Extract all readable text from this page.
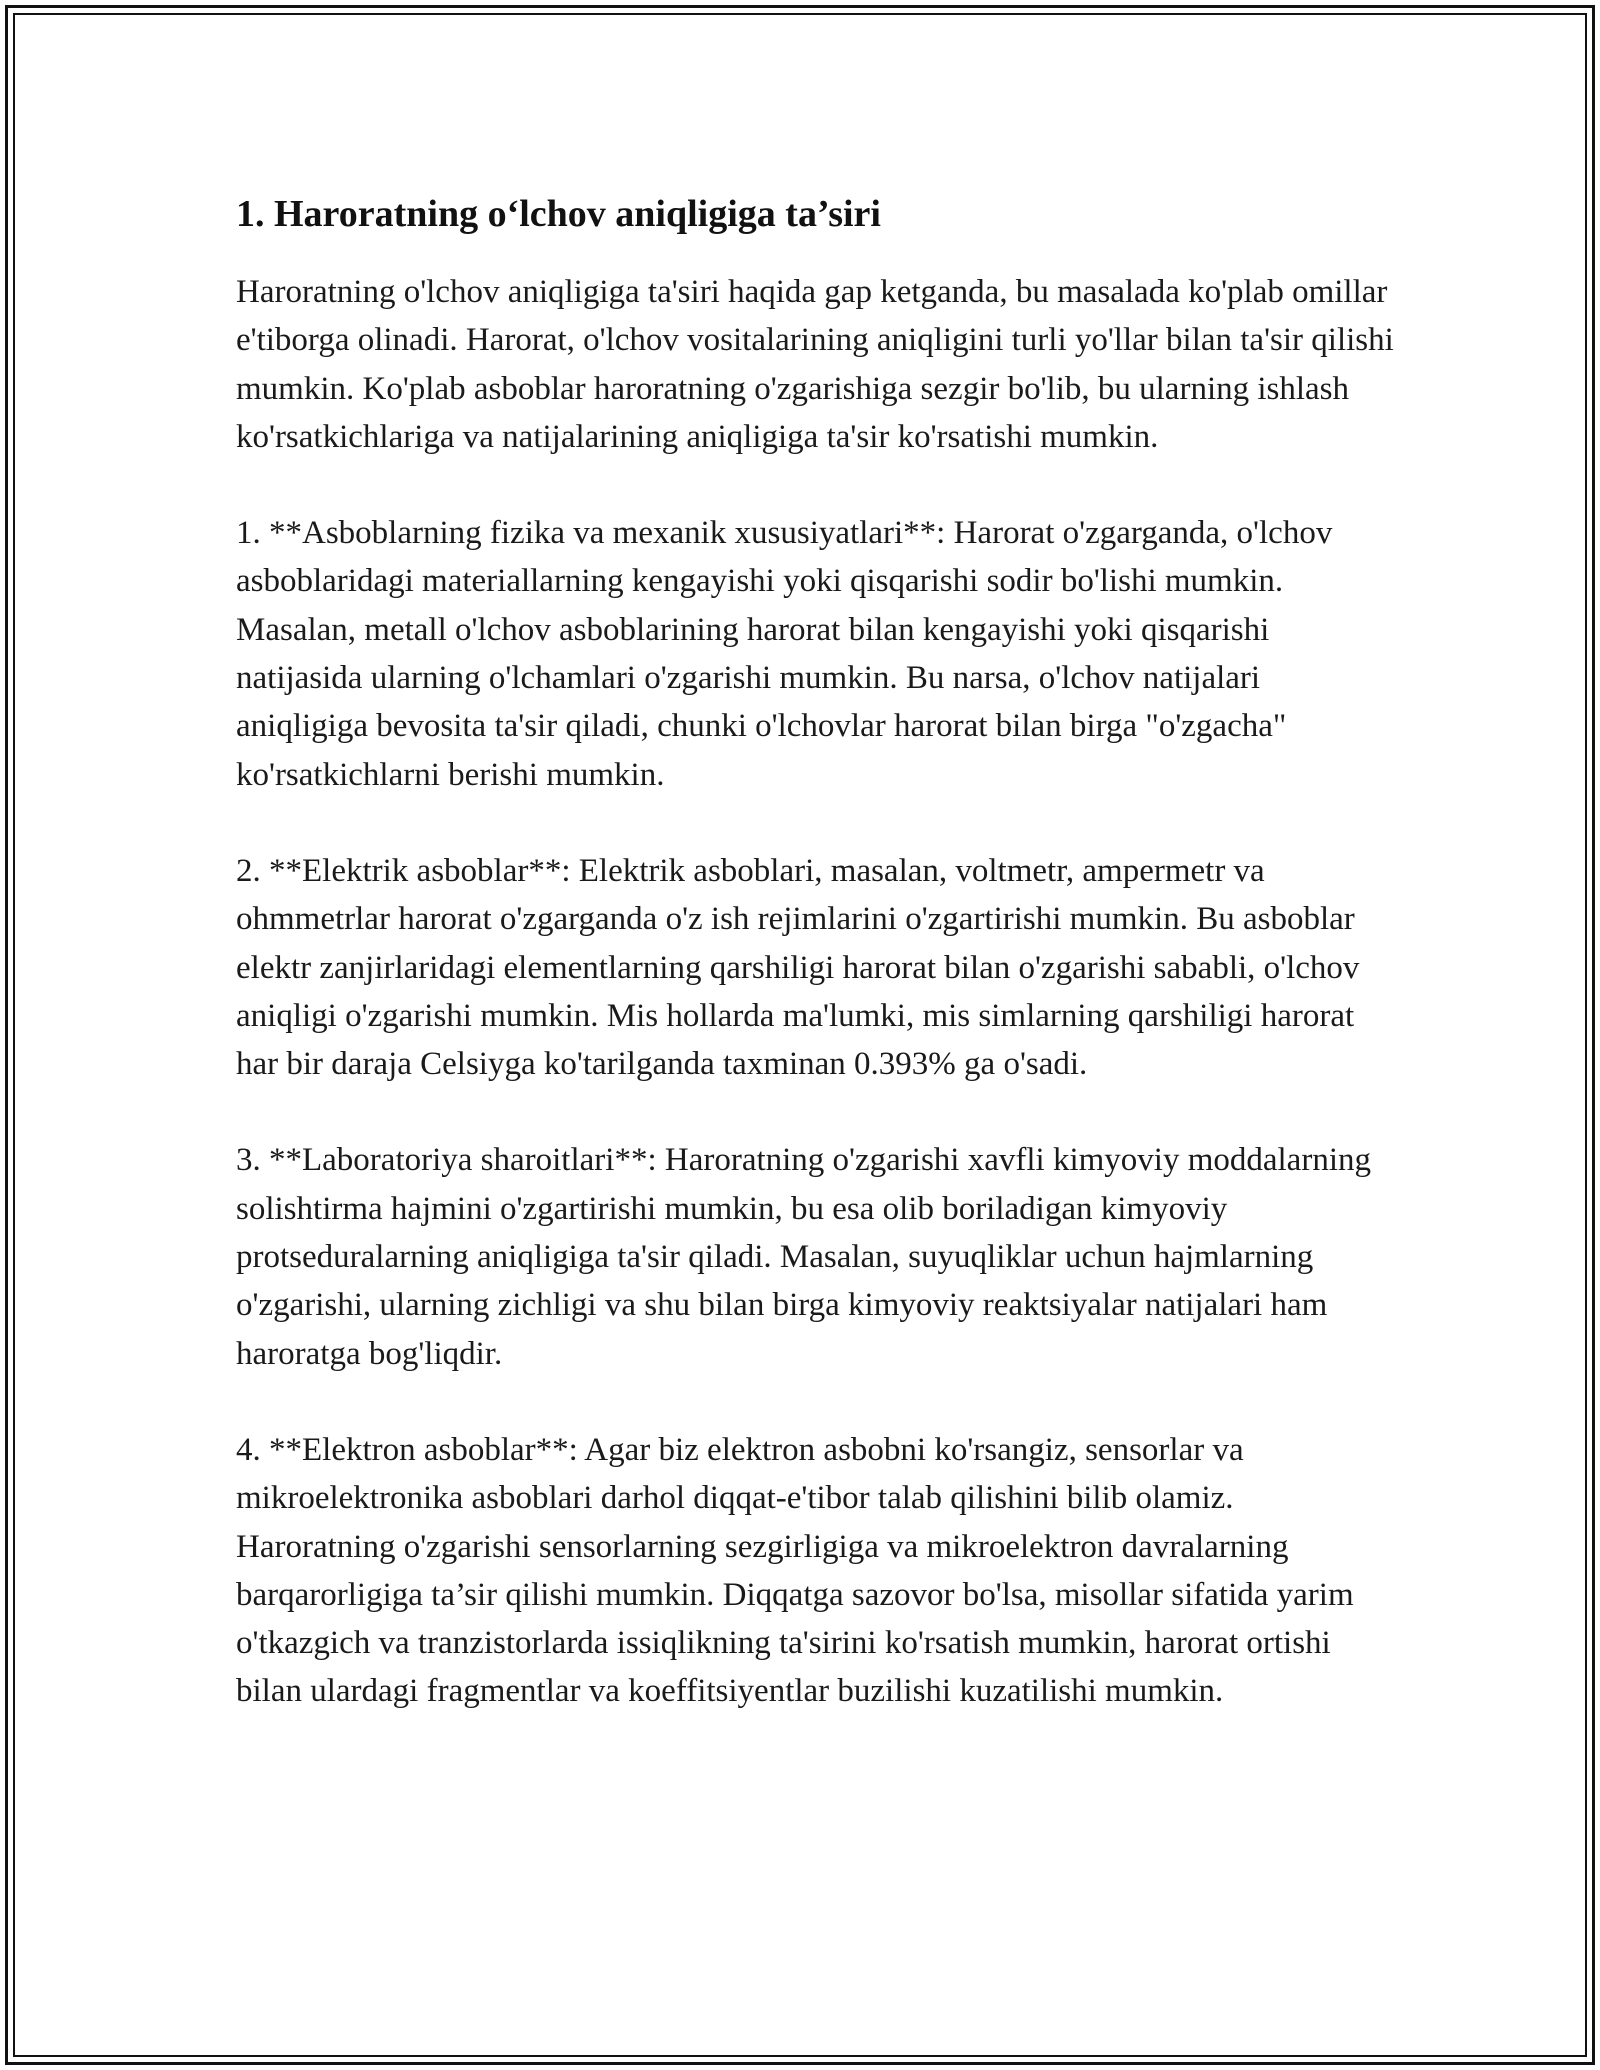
1. Haroratning o‘lchov aniqligiga ta’siri

Haroratning o'lchov aniqligiga ta'siri haqida gap ketganda, bu masalada ko'plab omillar e'tiborga olinadi. Harorat, o'lchov vositalarining aniqligini turli yo'llar bilan ta'sir qilishi mumkin. Ko'plab asboblar haroratning o'zgarishiga sezgir bo'lib, bu ularning ishlash ko'rsatkichlariga va natijalarining aniqligiga ta'sir ko'rsatishi mumkin.

1. **Asboblarning fizika va mexanik xususiyatlari**: Harorat o'zgarganda, o'lchov asboblaridagi materiallarning kengayishi yoki qisqarishi sodir bo'lishi mumkin. Masalan, metall o'lchov asboblarining harorat bilan kengayishi yoki qisqarishi natijasida ularning o'lchamlari o'zgarishi mumkin. Bu narsa, o'lchov natijalari aniqligiga bevosita ta'sir qiladi, chunki o'lchovlar harorat bilan birga "o'zgacha" ko'rsatkichlarni berishi mumkin.

2. **Elektrik asboblar**: Elektrik asboblari, masalan, voltmetr, ampermetr va ohmmetrlar harorat o'zgarganda o'z ish rejimlarini o'zgartirishi mumkin. Bu asboblar elektr zanjirlaridagi elementlarning qarshiligi harorat bilan o'zgarishi sababli, o'lchov aniqligi o'zgarishi mumkin. Mis hollarda ma'lumki, mis simlarning qarshiligi harorat har bir daraja Celsiyga ko'tarilganda taxminan 0.393% ga o'sadi.

3. **Laboratoriya sharoitlari**: Haroratning o'zgarishi xavfli kimyoviy moddalarning solishtirma hajmini o'zgartirishi mumkin, bu esa olib boriladigan kimyoviy protseduralarning aniqligiga ta'sir qiladi. Masalan, suyuqliklar uchun hajmlarning o'zgarishi, ularning zichligi va shu bilan birga kimyoviy reaktsiyalar natijalari ham haroratga bog'liqdir.

4. **Elektron asboblar**: Agar biz elektron asbobni ko'rsangiz, sensorlar va mikroelektronika asboblari darhol diqqat-e'tibor talab qilishini bilib olamiz. Haroratning o'zgarishi sensorlarning sezgirligiga va mikroelektron davralarning barqarorligiga ta’sir qilishi mumkin. Diqqatga sazovor bo'lsa, misollar sifatida yarim o'tkazgich va tranzistorlarda issiqlikning ta'sirini ko'rsatish mumkin, harorat ortishi bilan ulardagi fragmentlar va koeffitsiyentlar buzilishi kuzatilishi mumkin.
